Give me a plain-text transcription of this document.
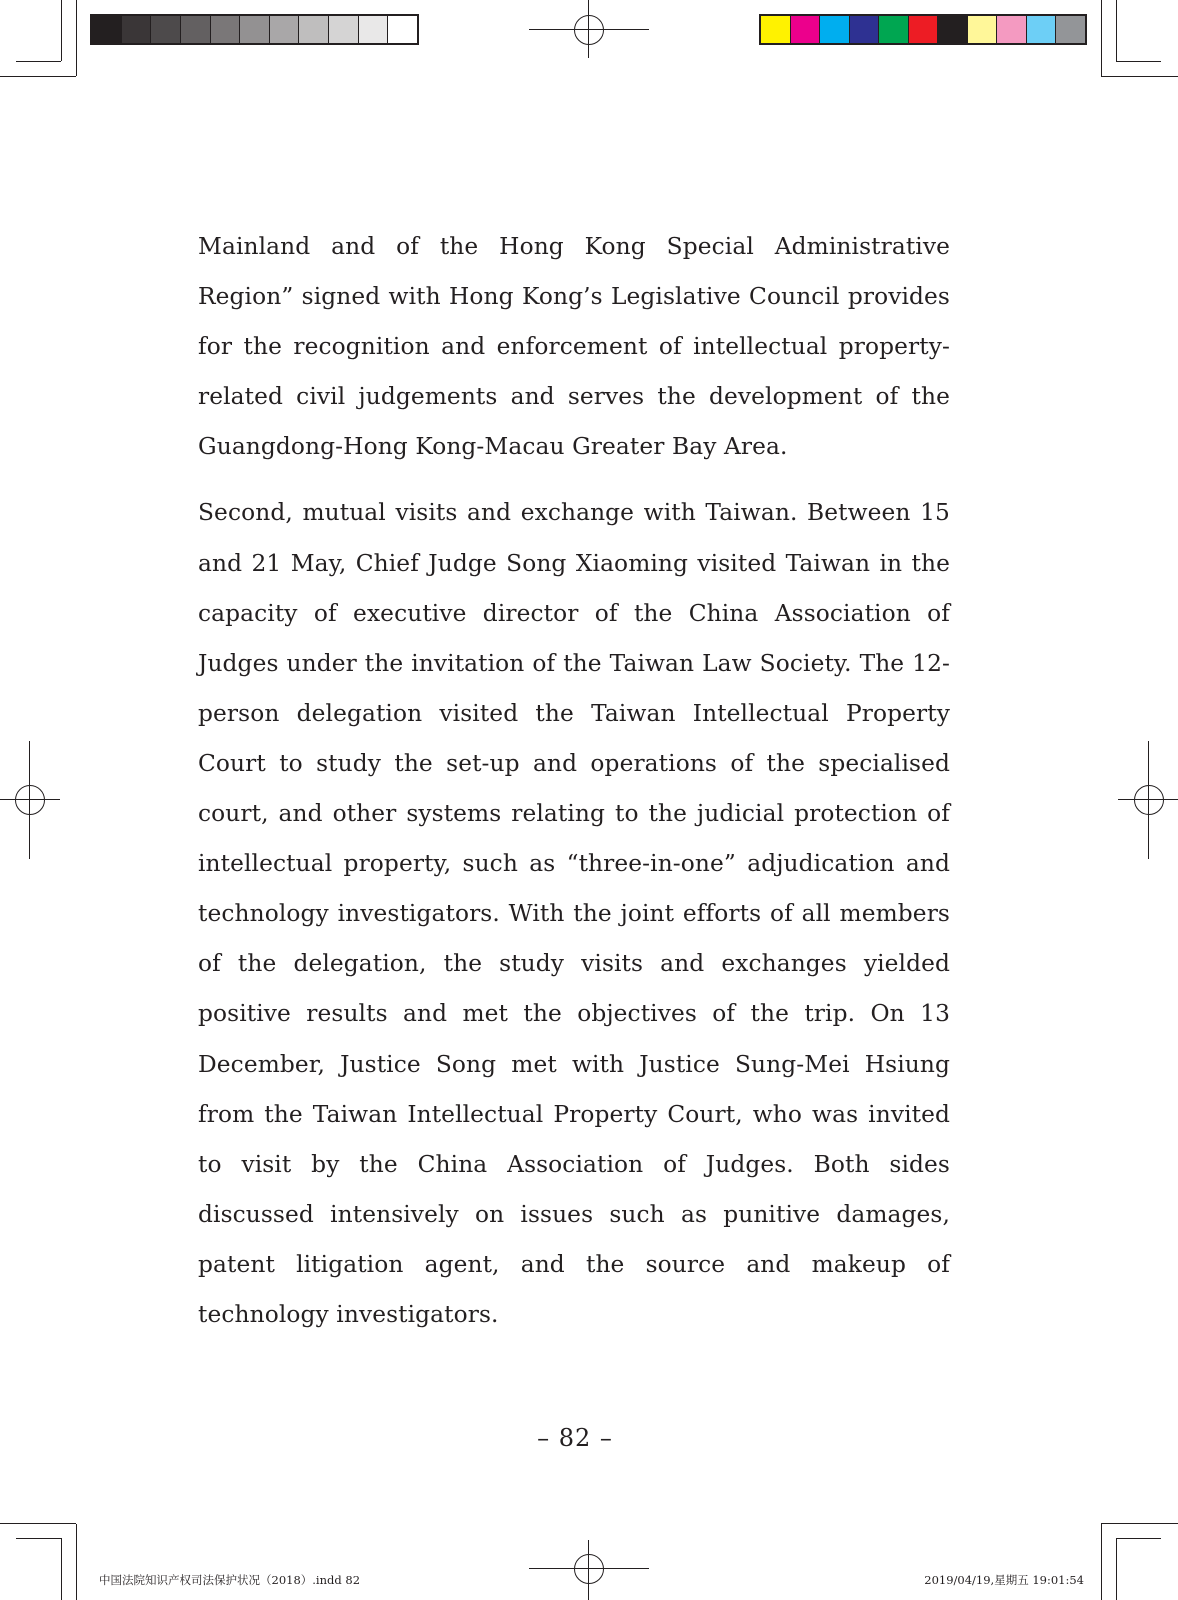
Mainland and of the Hong Kong Special Administrative Region” signed with Hong Kong’s Legislative Council provides for the recognition and enforcement of intellectual property-related civil judgements and serves the development of the Guangdong-Hong Kong-Macau Greater Bay Area.

Second, mutual visits and exchange with Taiwan. Between 15 and 21 May, Chief Judge Song Xiaoming visited Taiwan in the capacity of executive director of the China Association of Judges under the invitation of the Taiwan Law Society. The 12-person delegation visited the Taiwan Intellectual Property Court to study the set-up and operations of the specialised court, and other systems relating to the judicial protection of intellectual property, such as “three-in-one” adjudication and technology investigators. With the joint efforts of all members of the delegation, the study visits and exchanges yielded positive results and met the objectives of the trip. On 13 December, Justice Song met with Justice Sung-Mei Hsiung from the Taiwan Intellectual Property Court, who was invited to visit by the China Association of Judges. Both sides discussed intensively on issues such as punitive damages, patent litigation agent, and the source and makeup of technology investigators.

– 82 –
中国法院知识产权司法保护状况（2018）.indd 82	2019/04/19,星期五 19:01:54
